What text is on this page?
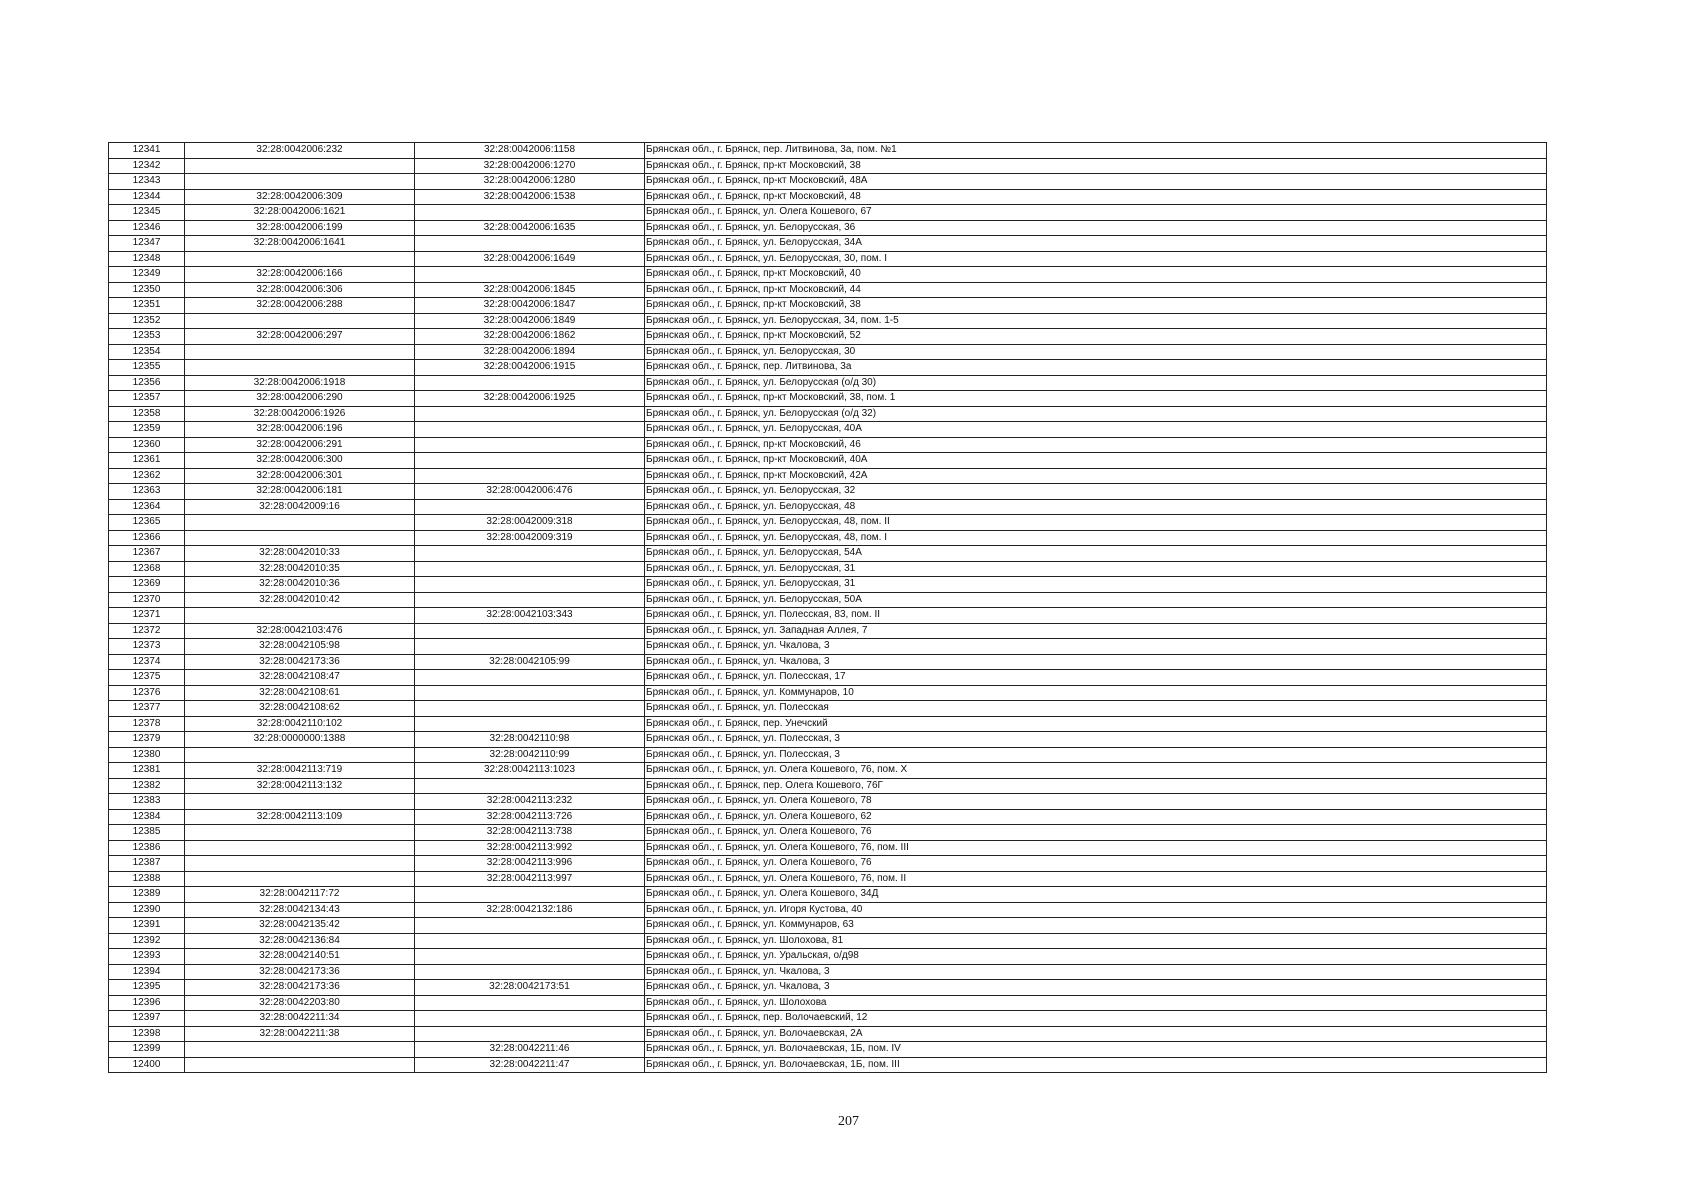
12341	32:28:0042006:232	32:28:0042006:1158	Брянская обл., г. Брянск, пер. Литвинова, 3а, пом. №1
12342		32:28:0042006:1270	Брянская обл., г. Брянск, пр-кт Московский, 38
12343		32:28:0042006:1280	Брянская обл., г. Брянск, пр-кт Московский, 48А
12344	32:28:0042006:309	32:28:0042006:1538	Брянская обл., г. Брянск, пр-кт Московский, 48
12345	32:28:0042006:1621		Брянская обл., г. Брянск, ул. Олега Кошевого, 67
12346	32:28:0042006:199	32:28:0042006:1635	Брянская обл., г. Брянск, ул. Белорусская, 36
12347	32:28:0042006:1641		Брянская обл., г. Брянск, ул. Белорусская, 34А
12348		32:28:0042006:1649	Брянская обл., г. Брянск, ул. Белорусская, 30, пом. I
12349	32:28:0042006:166		Брянская обл., г. Брянск, пр-кт Московский, 40
12350	32:28:0042006:306	32:28:0042006:1845	Брянская обл., г. Брянск, пр-кт Московский, 44
12351	32:28:0042006:288	32:28:0042006:1847	Брянская обл., г. Брянск, пр-кт Московский, 38
12352		32:28:0042006:1849	Брянская обл., г. Брянск, ул. Белорусская, 34, пом. 1-5
12353	32:28:0042006:297	32:28:0042006:1862	Брянская обл., г. Брянск, пр-кт Московский, 52
12354		32:28:0042006:1894	Брянская обл., г. Брянск, ул. Белорусская, 30
12355		32:28:0042006:1915	Брянская обл., г. Брянск, пер. Литвинова, 3а
12356	32:28:0042006:1918		Брянская обл., г. Брянск, ул. Белорусская (о/д 30)
12357	32:28:0042006:290	32:28:0042006:1925	Брянская обл., г. Брянск, пр-кт Московский, 38, пом. 1
12358	32:28:0042006:1926		Брянская обл., г. Брянск, ул. Белорусская (о/д 32)
12359	32:28:0042006:196		Брянская обл., г. Брянск, ул. Белорусская, 40А
12360	32:28:0042006:291		Брянская обл., г. Брянск, пр-кт Московский, 46
12361	32:28:0042006:300		Брянская обл., г. Брянск, пр-кт Московский, 40А
12362	32:28:0042006:301		Брянская обл., г. Брянск, пр-кт Московский, 42А
12363	32:28:0042006:181	32:28:0042006:476	Брянская обл., г. Брянск, ул. Белорусская, 32
12364	32:28:0042009:16		Брянская обл., г. Брянск, ул. Белорусская, 48
12365		32:28:0042009:318	Брянская обл., г. Брянск, ул. Белорусская, 48, пом. II
12366		32:28:0042009:319	Брянская обл., г. Брянск, ул. Белорусская, 48, пом. I
12367	32:28:0042010:33		Брянская обл., г. Брянск, ул. Белорусская, 54А
12368	32:28:0042010:35		Брянская обл., г. Брянск, ул. Белорусская, 31
12369	32:28:0042010:36		Брянская обл., г. Брянск, ул. Белорусская, 31
12370	32:28:0042010:42		Брянская обл., г. Брянск, ул. Белорусская, 50А
12371		32:28:0042103:343	Брянская обл., г. Брянск, ул. Полесская, 83, пом. II
12372	32:28:0042103:476		Брянская обл., г. Брянск, ул. Западная Аллея, 7
12373	32:28:0042105:98		Брянская обл., г. Брянск, ул. Чкалова, 3
12374	32:28:0042173:36	32:28:0042105:99	Брянская обл., г. Брянск, ул. Чкалова, 3
12375	32:28:0042108:47		Брянская обл., г. Брянск, ул. Полесская, 17
12376	32:28:0042108:61		Брянская обл., г. Брянск, ул. Коммунаров, 10
12377	32:28:0042108:62		Брянская обл., г. Брянск, ул. Полесская
12378	32:28:0042110:102		Брянская обл., г. Брянск, пер. Унечский
12379	32:28:0000000:1388	32:28:0042110:98	Брянская обл., г. Брянск, ул. Полесская, 3
12380		32:28:0042110:99	Брянская обл., г. Брянск, ул. Полесская, 3
12381	32:28:0042113:719	32:28:0042113:1023	Брянская обл., г. Брянск, ул. Олега Кошевого, 76, пом. X
12382	32:28:0042113:132		Брянская обл., г. Брянск, пер. Олега Кошевого, 76Г
12383		32:28:0042113:232	Брянская обл., г. Брянск, ул. Олега Кошевого, 78
12384	32:28:0042113:109	32:28:0042113:726	Брянская обл., г. Брянск, ул. Олега Кошевого, 62
12385		32:28:0042113:738	Брянская обл., г. Брянск, ул. Олега Кошевого, 76
12386		32:28:0042113:992	Брянская обл., г. Брянск, ул. Олега Кошевого, 76, пом. III
12387		32:28:0042113:996	Брянская обл., г. Брянск, ул. Олега Кошевого, 76
12388		32:28:0042113:997	Брянская обл., г. Брянск, ул. Олега Кошевого, 76, пом. II
12389	32:28:0042117:72		Брянская обл., г. Брянск, ул. Олега Кошевого, 34Д
12390	32:28:0042134:43	32:28:0042132:186	Брянская обл., г. Брянск, ул. Игоря Кустова, 40
12391	32:28:0042135:42		Брянская обл., г. Брянск, ул. Коммунаров, 63
12392	32:28:0042136:84		Брянская обл., г. Брянск, ул. Шолохова, 81
12393	32:28:0042140:51		Брянская обл., г. Брянск, ул. Уральская, о/д98
12394	32:28:0042173:36		Брянская обл., г. Брянск, ул. Чкалова, 3
12395	32:28:0042173:36	32:28:0042173:51	Брянская обл., г. Брянск, ул. Чкалова, 3
12396	32:28:0042203:80		Брянская обл., г. Брянск, ул. Шолохова
12397	32:28:0042211:34		Брянская обл., г. Брянск, пер. Волочаевский, 12
12398	32:28:0042211:38		Брянская обл., г. Брянск, ул. Волочаевская, 2А
12399		32:28:0042211:46	Брянская обл., г. Брянск, ул. Волочаевская, 1Б, пом. IV
12400		32:28:0042211:47	Брянская обл., г. Брянск, ул. Волочаевская, 1Б, пом. III
207
